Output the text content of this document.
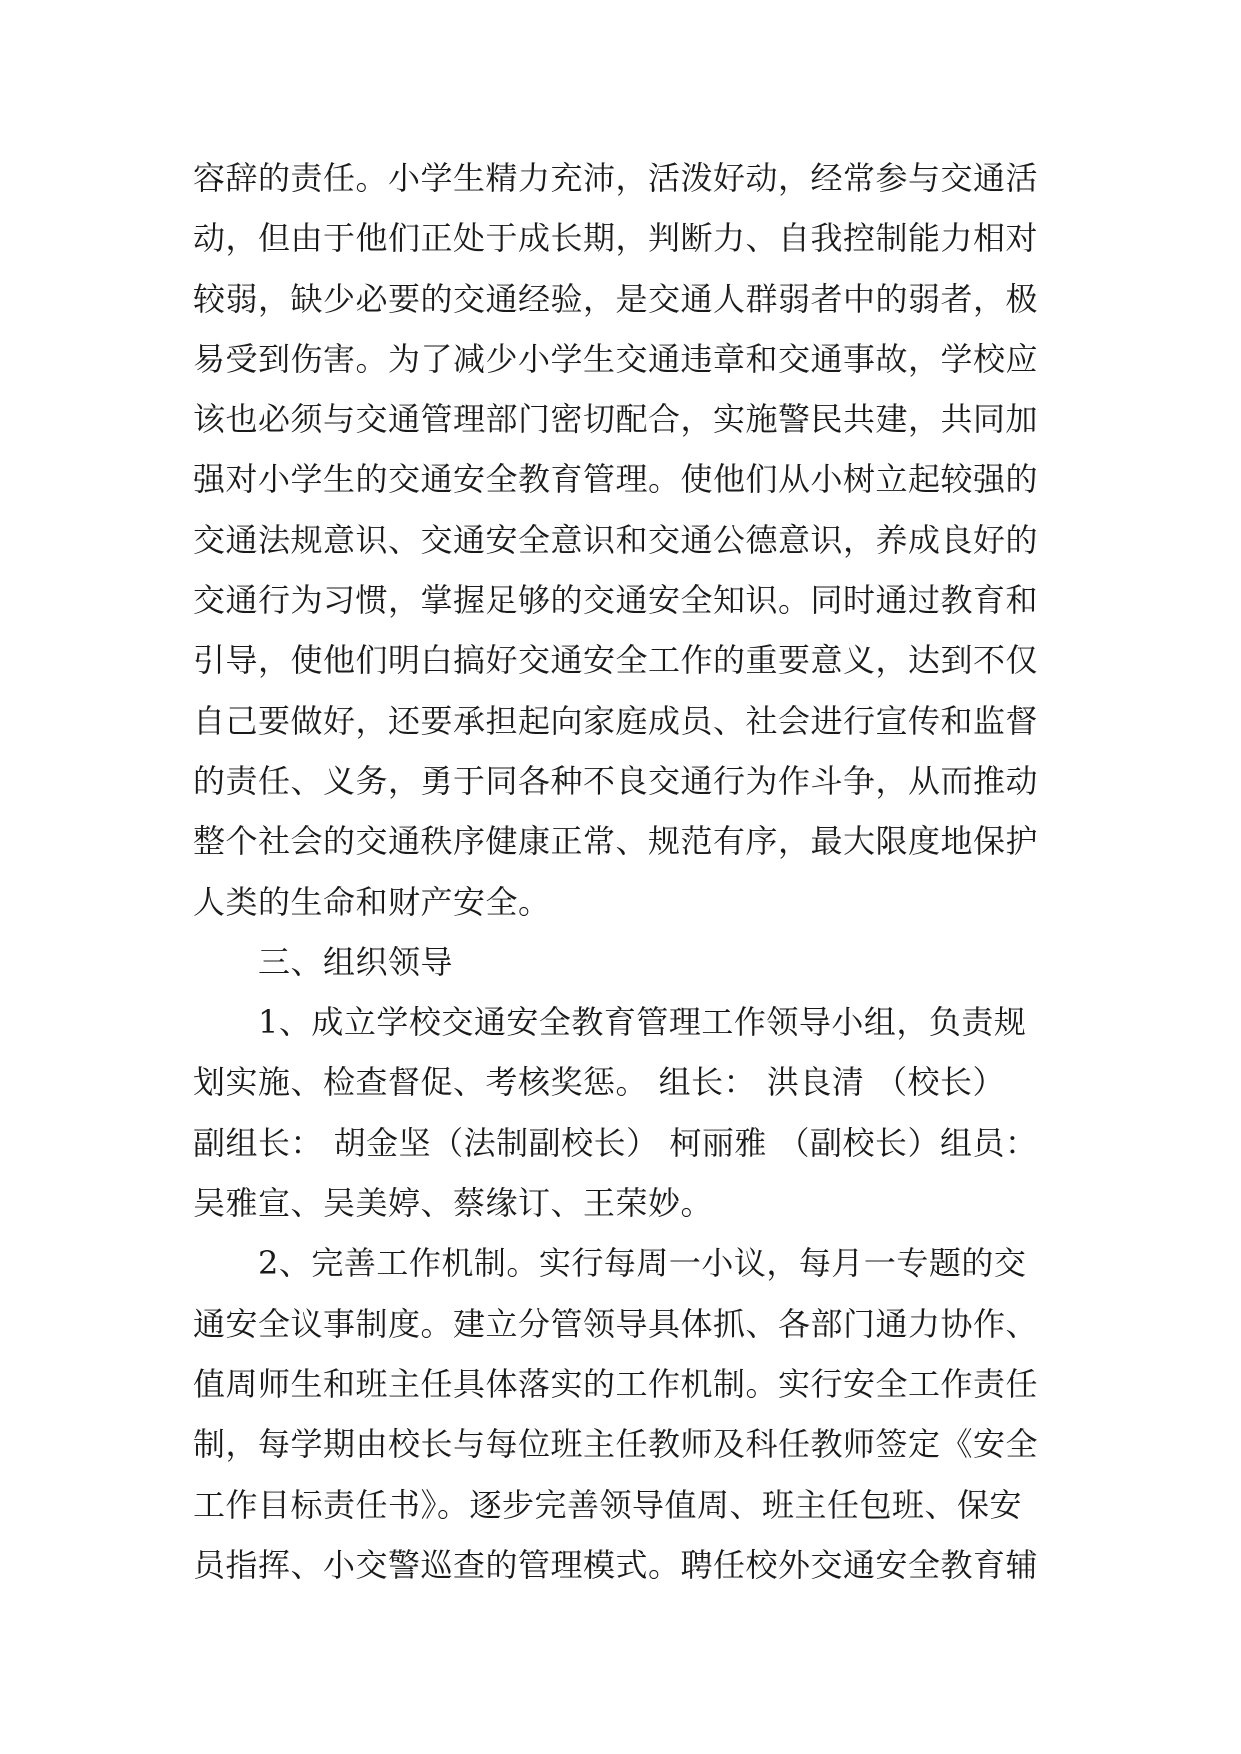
容辞的责任。小学生精力充沛，活泼好动，经常参与交通活
动，但由于他们正处于成长期，判断力、自我控制能力相对
较弱，缺少必要的交通经验，是交通人群弱者中的弱者，极
易受到伤害。为了减少小学生交通违章和交通事故，学校应
该也必须与交通管理部门密切配合，实施警民共建，共同加
强对小学生的交通安全教育管理。使他们从小树立起较强的
交通法规意识、交通安全意识和交通公德意识，养成良好的
交通行为习惯，掌握足够的交通安全知识。同时通过教育和
引导，使他们明白搞好交通安全工作的重要意义，达到不仅
自己要做好，还要承担起向家庭成员、社会进行宣传和监督
的责任、义务，勇于同各种不良交通行为作斗争，从而推动
整个社会的交通秩序健康正常、规范有序，最大限度地保护
人类的生命和财产安全。
　　三、组织领导
　　1、成立学校交通安全教育管理工作领导小组，负责规
划实施、检查督促、考核奖惩。 组长： 洪良清 （校长）
副组长： 胡金坚（法制副校长） 柯丽雅 （副校长）组员：
吴雅宣、吴美婷、蔡缘订、王荣妙。
　　2、完善工作机制。实行每周一小议，每月一专题的交
通安全议事制度。建立分管领导具体抓、各部门通力协作、
值周师生和班主任具体落实的工作机制。实行安全工作责任
制，每学期由校长与每位班主任教师及科任教师签定《安全
工作目标责任书》。逐步完善领导值周、班主任包班、保安
员指挥、小交警巡查的管理模式。聘任校外交通安全教育辅
